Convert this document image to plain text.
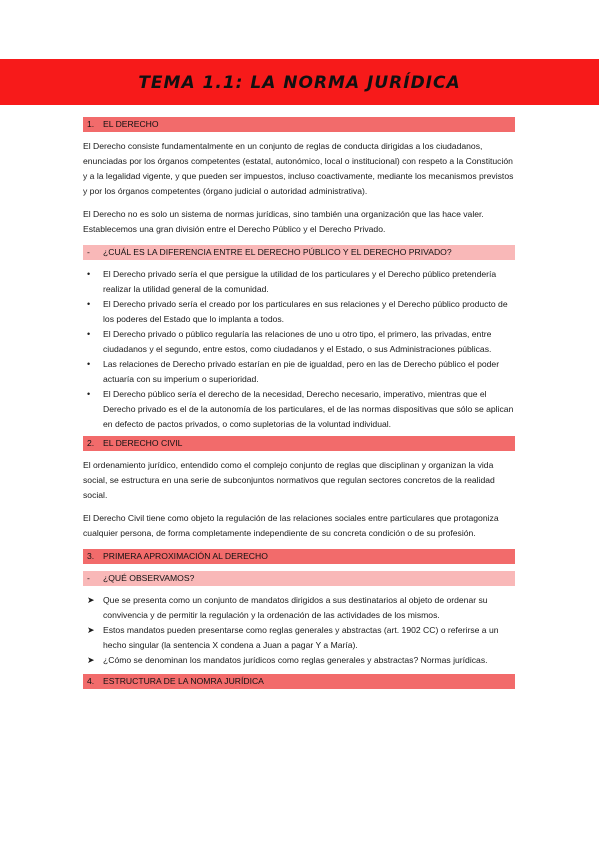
TEMA 1.1: LA NORMA JURÍDICA
1. EL DERECHO

El Derecho consiste fundamentalmente en un conjunto de reglas de conducta dirigidas a los ciudadanos, enunciadas por los órganos competentes (estatal, autonómico, local o institucional) con respeto a la Constitución y a la legalidad vigente, y que pueden ser impuestos, incluso coactivamente, mediante los mecanismos previstos y por los órganos competentes (órgano judicial o autoridad administrativa).

El Derecho no es solo un sistema de normas jurídicas, sino también una organización que las hace valer. Establecemos una gran división entre el Derecho Público y el Derecho Privado.

- ¿CUÁL ES LA DIFERENCIA ENTRE EL DERECHO PÚBLICO Y EL DERECHO PRIVADO?
• El Derecho privado sería el que persigue la utilidad de los particulares y el Derecho público pretendería realizar la utilidad general de la comunidad.
• El Derecho privado sería el creado por los particulares en sus relaciones y el Derecho público producto de los poderes del Estado que lo implanta a todos.
• El Derecho privado o público regularía las relaciones de uno u otro tipo, el primero, las privadas, entre ciudadanos y el segundo, entre estos, como ciudadanos y el Estado, o sus Administraciones públicas.
• Las relaciones de Derecho privado estarían en pie de igualdad, pero en las de Derecho público el poder actuaría con su imperium o superioridad.
• El Derecho público sería el derecho de la necesidad, Derecho necesario, imperativo, mientras que el Derecho privado es el de la autonomía de los particulares, el de las normas dispositivas que sólo se aplican en defecto de pactos privados, o como supletorias de la voluntad individual.
2. EL DERECHO CIVIL

El ordenamiento jurídico, entendido como el complejo conjunto de reglas que disciplinan y organizan la vida social, se estructura en una serie de subconjuntos normativos que regulan sectores concretos de la realidad social.

El Derecho Civil tiene como objeto la regulación de las relaciones sociales entre particulares que protagoniza cualquier persona, de forma completamente independiente de su concreta condición o de su profesión.

3. PRIMERA APROXIMACIÓN AL DERECHO
- ¿QUÉ OBSERVAMOS?
➤ Que se presenta como un conjunto de mandatos dirigidos a sus destinatarios al objeto de ordenar su convivencia y de permitir la regulación y la ordenación de las actividades de los mismos.
➤ Estos mandatos pueden presentarse como reglas generales y abstractas (art. 1902 CC) o referirse a un hecho singular (la sentencia X condena a Juan a pagar Y a María).
➤ ¿Cómo se denominan los mandatos jurídicos como reglas generales y abstractas? Normas jurídicas.
4. ESTRUCTURA DE LA NOMRA JURÍDICA
